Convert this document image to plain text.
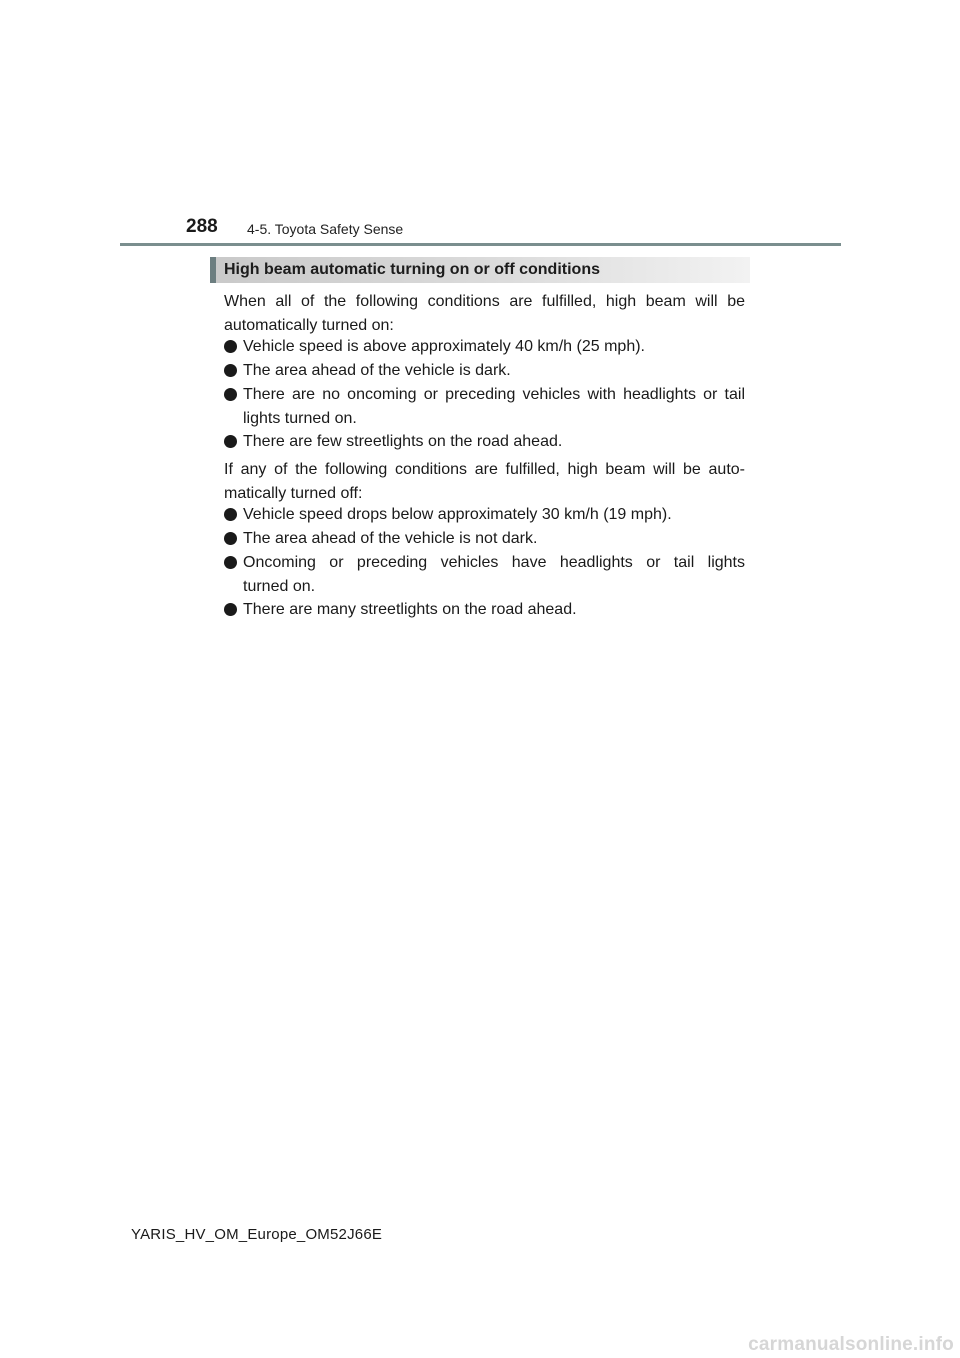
288 4-5. Toyota Safety Sense
High beam automatic turning on or off conditions
When all of the following conditions are fulfilled, high beam will be
automatically turned on:
Vehicle speed is above approximately 40 km/h (25 mph).
The area ahead of the vehicle is dark.
There are no oncoming or preceding vehicles with headlights or tail
lights turned on.
There are few streetlights on the road ahead.
If any of the following conditions are fulfilled, high beam will be auto-
matically turned off:
Vehicle speed drops below approximately 30 km/h (19 mph).
The area ahead of the vehicle is not dark.
Oncoming or preceding vehicles have headlights or tail lights
turned on.
There are many streetlights on the road ahead.
YARIS_HV_OM_Europe_OM52J66E
carmanualsonline.info
